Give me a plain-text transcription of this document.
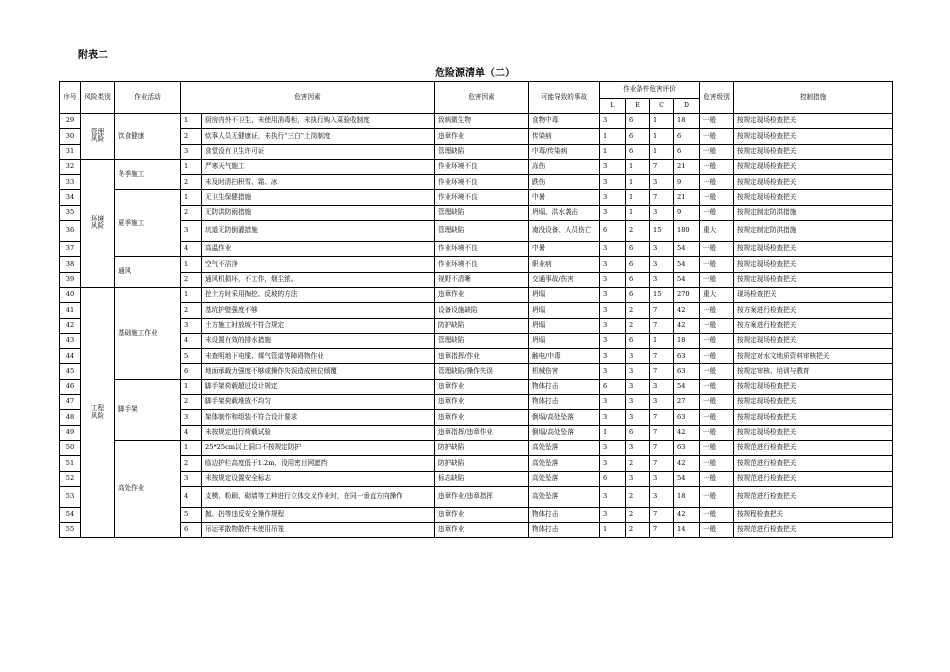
附表二
危险源清单（二）
序号	风险类别	作业活动	危害因素		危害因素	可能导致的事故	作业条件危害评价				危害级别	控制措施
							L	E	C	D		
29	管理风险	饮食健康	1	厨房内外不卫生、未使用消毒柜，未执行购入菜验收制度	致病微生物	食物中毒	3	6	1	18	一般	按规定现场检查把关
30			2	炊事人员无健康证，未执行“三白”上岗制度	违章作业	传染病	1	6	1	6	一般	按规定现场检查把关
31			3	食堂没有卫生许可证	管理缺陷	中毒/传染病	1	6	1	6	一般	按规定现场检查把关
32	环境风险	冬季施工	1	严寒天气施工	作业环境不良	冻伤	3	1	7	21	一般	按规定现场检查把关
33			2	未及时清扫积雪、霜、冰	作业环境不良	跌伤	3	1	3	9	一般	按规定现场检查把关
34		夏季施工	1	无卫生保健措施	作业环境不良	中暑	3	1	7	21	一般	按规定现场检查把关
35			2	无防洪防雨措施	管理缺陷	坍塌、洪水袭击	3	1	3	9	一般	按规定制定防洪措施
36			3	坑道无防倒灌措施	管理缺陷	淹没设备、人员伤亡	6	2	15	180	重大	按规定制定防洪措施
37			4	高温作业	作业环境不良	中暑	3	6	3	54	一般	按规定现场检查把关
38		通风	1	空气不洁净	作业环境不良	职业病	3	6	3	54	一般	按规定现场检查把关
39			2	通风机损坏，不工作，烟尘浓。	视野不清晰	交通事故/伤害	3	6	3	54	一般	按规定现场检查把关
40	工程风险	基础施工作业	1	挖土方时采用掏挖、反坡的方法	违章作业	坍塌	3	6	15	270	重大	现场检查把关
41			2	基坑护壁强度不够	设备设施缺陷	坍塌	3	2	7	42	一般	按方案进行检查把关
42			3	土方施工时放坡不符合规定	防护缺陷	坍塌	3	2	7	42	一般	按方案进行检查把关
43			4	未设置有效的排水措施	管理缺陷	坍塌	3	6	1	18	一般	按规定现场检查把关
44			5	未查明地下电缆、煤气管道等障碍物作业	违章指挥/作业	触电/中毒	3	3	7	63	一般	按规定对水文地质资料审核把关
45			6	地面承载力强度不够或操作失误造成桩位倾覆	管理缺陷/操作失误	机械伤害	3	3	7	63	一般	按规定审核、培训与教育
46		脚手架	1	脚手架荷载超过设计规定	违章作业	物体打击	6	3	3	54	一般	按规定现场检查把关
47			2	脚手架荷载堆放不均匀	违章作业	物体打击	3	3	3	27	一般	按规定现场检查把关
48			3	架体制作和组装不符合设计要求	违章作业	倒塌/高处坠落	3	3	7	63	一般	按规定现场检查把关
49			4	未按规定进行荷载试验	违章指挥/违章作业	倒塌/高处坠落	1	6	7	42	一般	按规定现场检查把关
50		高处作业	1	25*25cm以上洞口不按规定防护	防护缺陷	高处坠落	3	3	7	63	一般	按规范进行检查把关
51			2	临边护栏高度低于1.2m，没用密目网遮挡	防护缺陷	高处坠落	3	2	7	42	一般	按规范进行检查把关
52			3	未按规定设置安全标志	标志缺陷	高处坠落	6	3	3	54	一般	按规范进行检查把关
53			4	支模、粉刷、砌墙等工种进行立体交叉作业时，在同一垂直方向操作	违章作业/违章指挥	高处坠落	3	2	3	18	一般	按规范进行检查把关
54			5	抛、扔等违反安全操作规程	违章作业	物体打击	3	2	7	42	一般	按规程检查把关
55			6	吊运零散物散件未使用吊笼	违章作业	物体打击	1	2	7	14	一般	按规范进行检查把关
